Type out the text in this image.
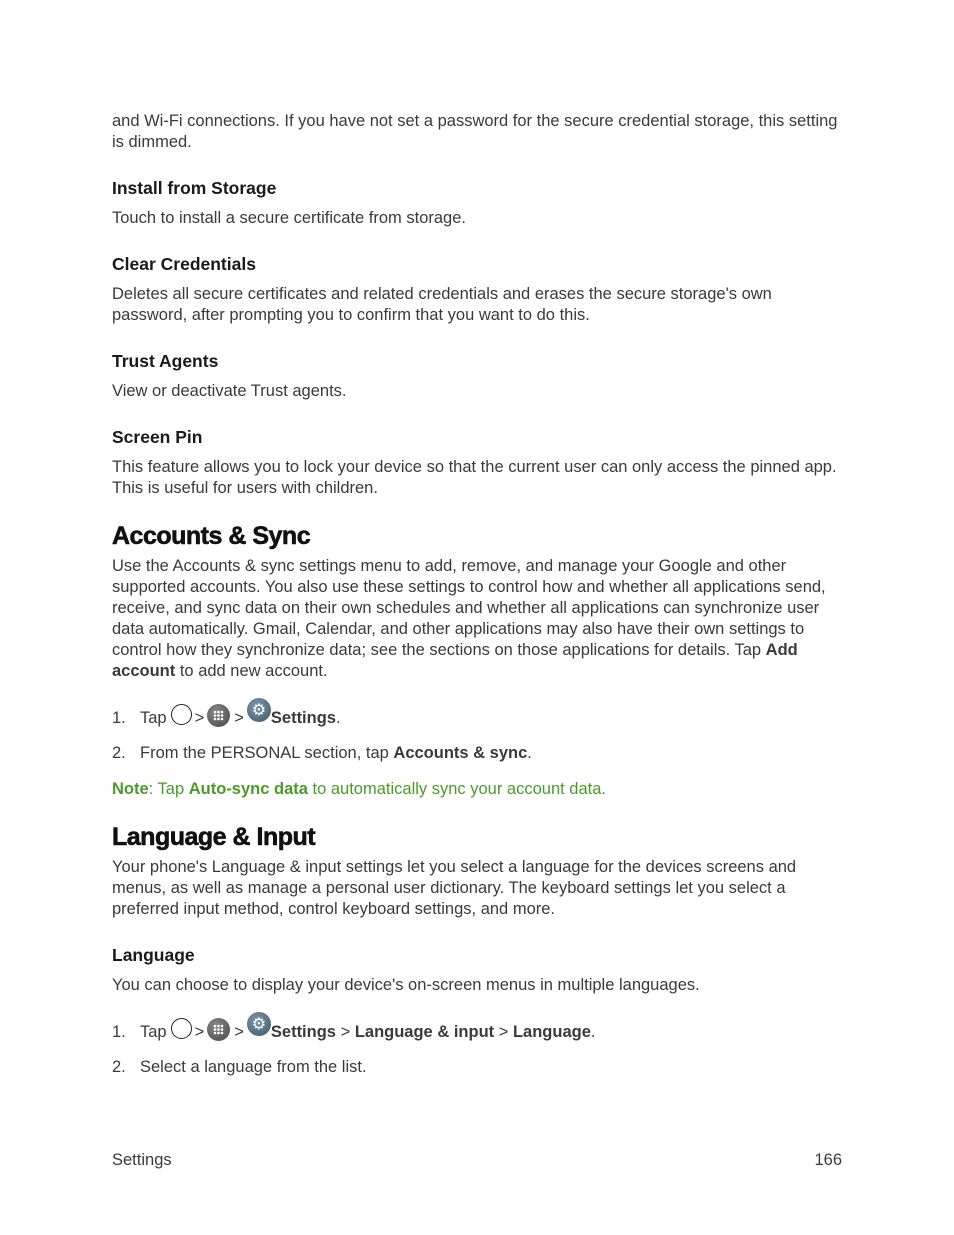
and Wi-Fi connections. If you have not set a password for the secure credential storage, this setting is dimmed.

Install from Storage

Touch to install a secure certificate from storage.

Clear Credentials

Deletes all secure certificates and related credentials and erases the secure storage's own password, after prompting you to confirm that you want to do this.

Trust Agents

View or deactivate Trust agents.

Screen Pin

This feature allows you to lock your device so that the current user can only access the pinned app. This is useful for users with children.

Accounts & Sync

Use the Accounts & sync settings menu to add, remove, and manage your Google and other supported accounts. You also use these settings to control how and whether all applications send, receive, and sync data on their own schedules and whether all applications can synchronize user data automatically. Gmail, Calendar, and other applications may also have their own settings to control how they synchronize data; see the sections on those applications for details. Tap Add account to add new account.

1. Tap > > ⚙ Settings .
2. From the PERSONAL section, tap Accounts & sync.

Note: Tap Auto-sync data to automatically sync your account data.

Language & Input

Your phone's Language & input settings let you select a language for the devices screens and menus, as well as manage a personal user dictionary. The keyboard settings let you select a preferred input method, control keyboard settings, and more.

Language

You can choose to display your device's on-screen menus in multiple languages.

1. Tap > > ⚙ Settings
>
Language & input
>
Language .
2. Select a language from the list.
Settings	166
